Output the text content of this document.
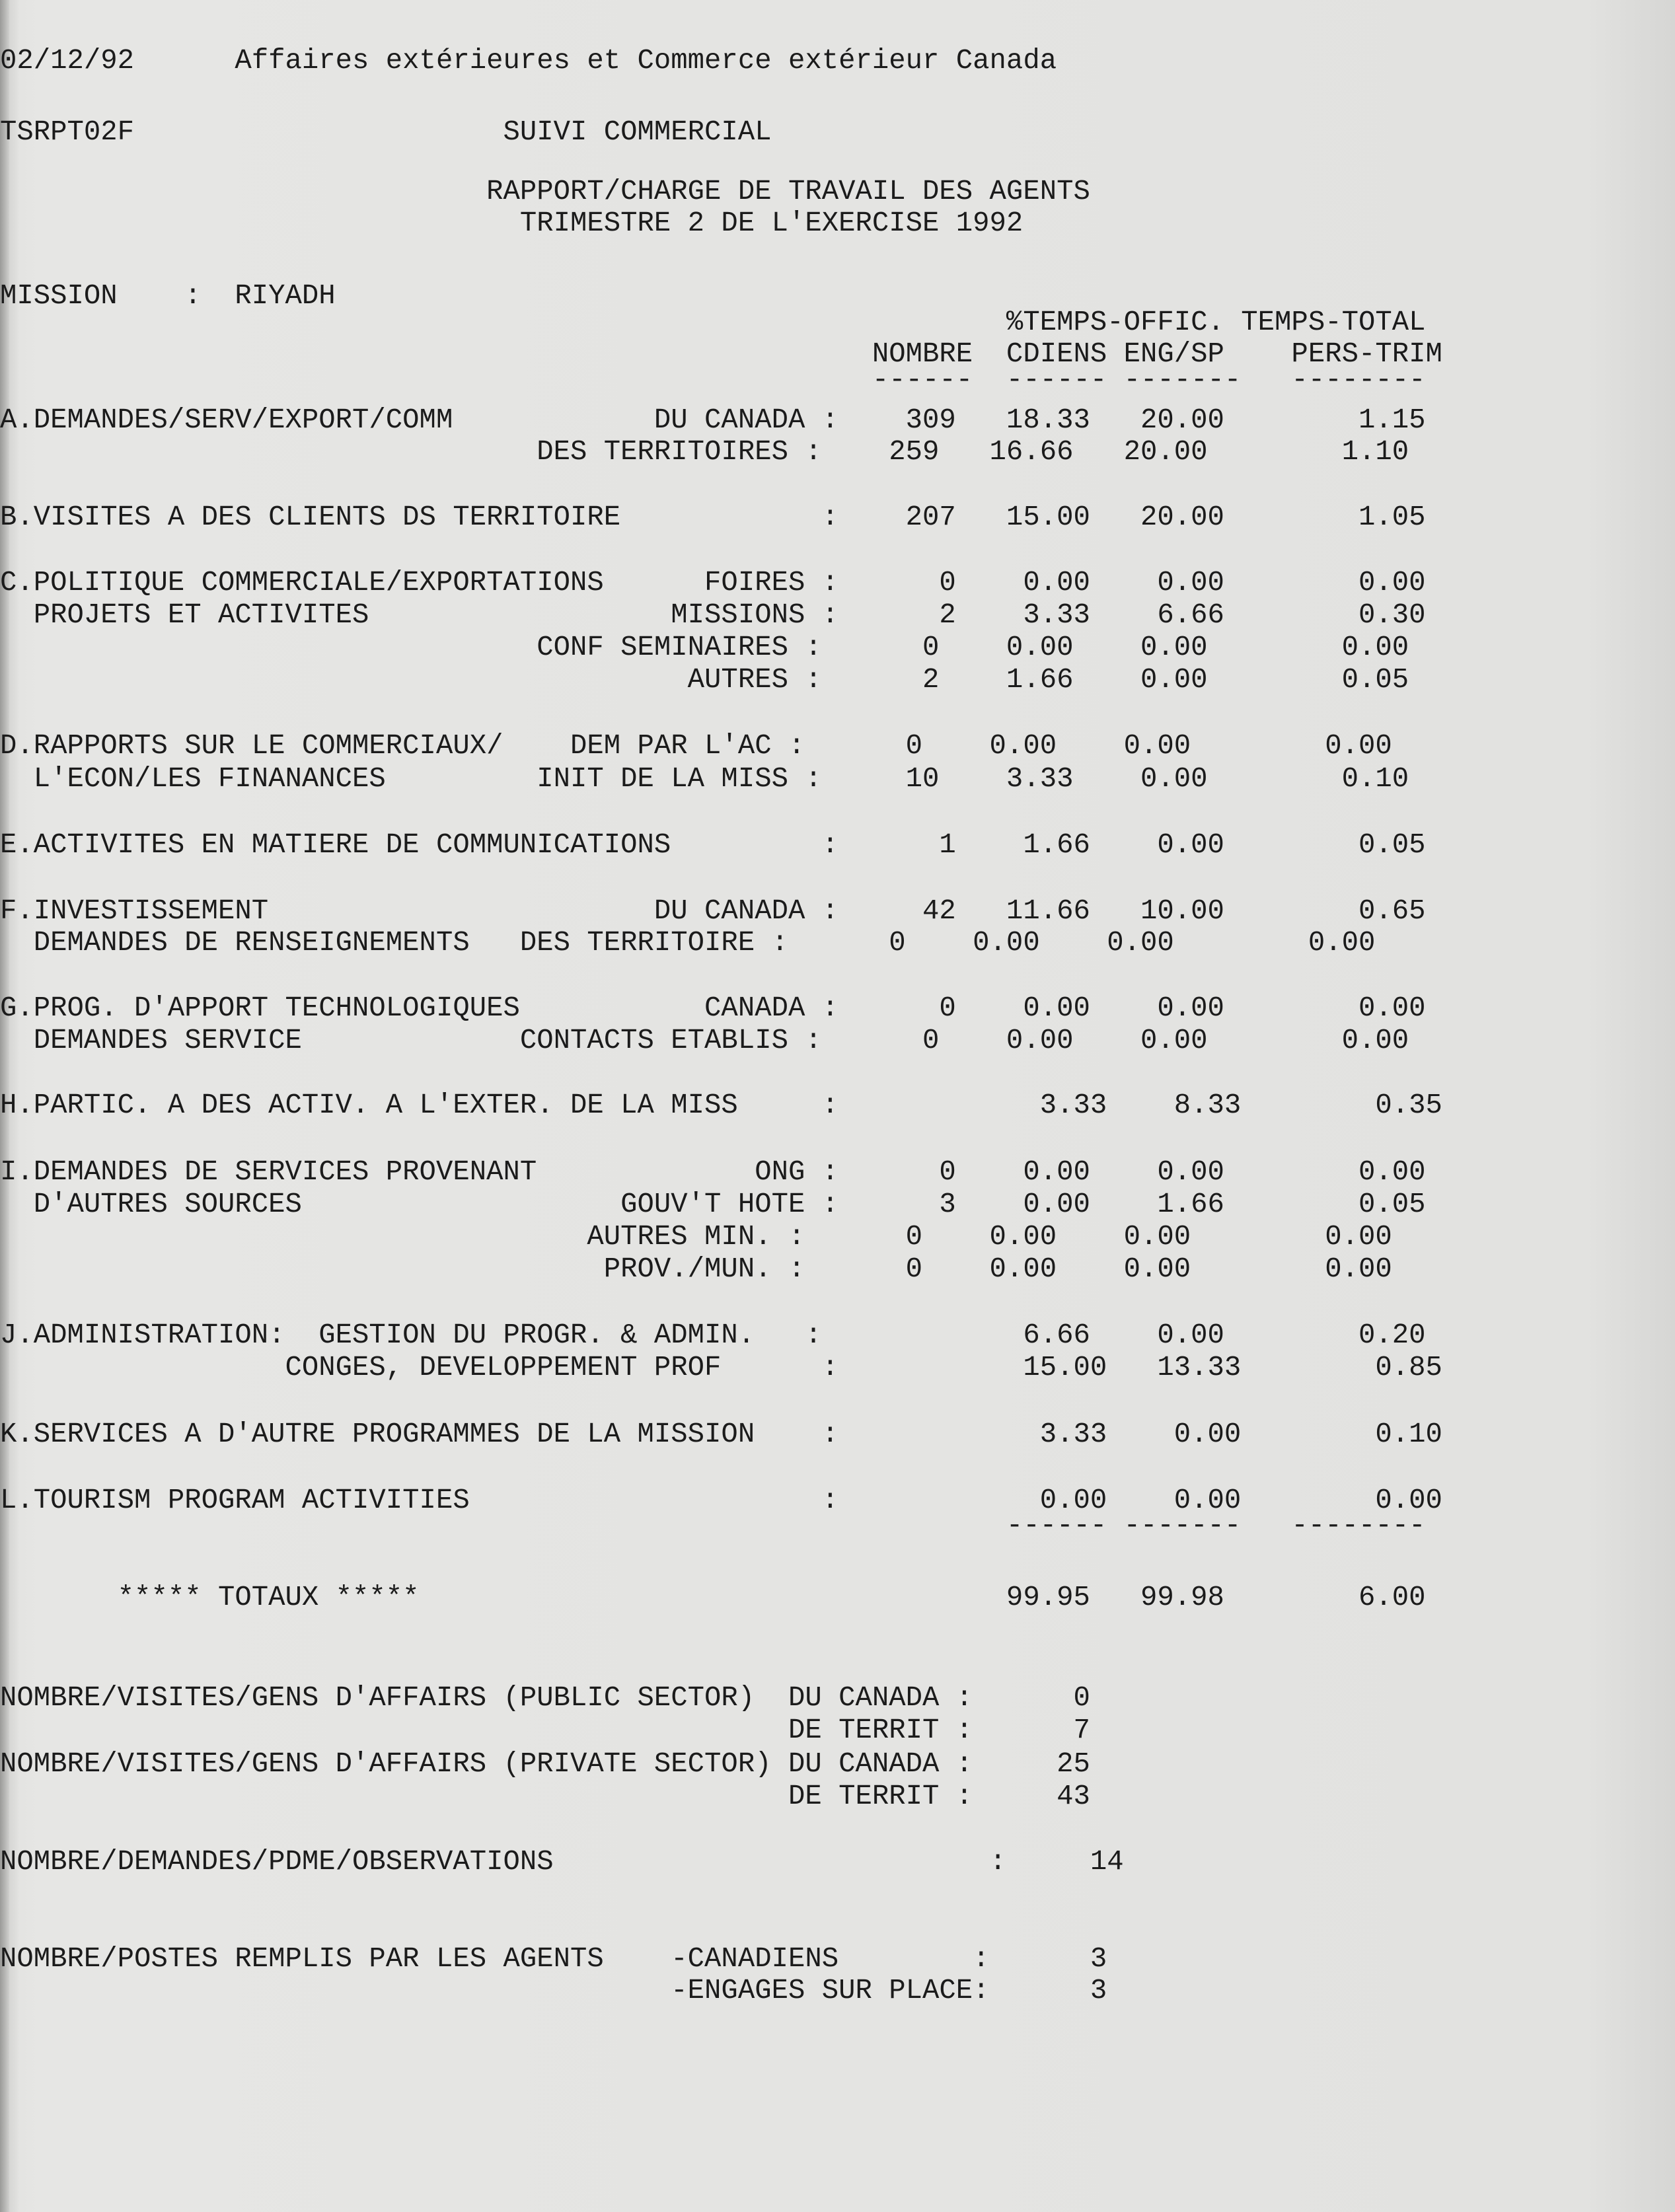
02/12/92      Affaires extérieures et Commerce extérieur Canada
TSRPT02F                      SUIVI COMMERCIAL
RAPPORT/CHARGE DE TRAVAIL DES AGENTS
TRIMESTRE 2 DE L'EXERCISE 1992
MISSION    :  RIYADH
%TEMPS-OFFIC. TEMPS-TOTAL
NOMBRE  CDIENS ENG/SP    PERS-TRIM
------  ------ -------   --------
A.DEMANDES/SERV/EXPORT/COMM            DU CANADA :    309   18.33   20.00        1.15
DES TERRITOIRES :    259   16.66   20.00        1.10
B.VISITES A DES CLIENTS DS TERRITOIRE            :    207   15.00   20.00        1.05
C.POLITIQUE COMMERCIALE/EXPORTATIONS      FOIRES :      0    0.00    0.00        0.00
PROJETS ET ACTIVITES                  MISSIONS :      2    3.33    6.66        0.30
CONF SEMINAIRES :      0    0.00    0.00        0.00
AUTRES :      2    1.66    0.00        0.05
D.RAPPORTS SUR LE COMMERCIAUX/    DEM PAR L'AC :      0    0.00    0.00        0.00
L'ECON/LES FINANANCES         INIT DE LA MISS :     10    3.33    0.00        0.10
E.ACTIVITES EN MATIERE DE COMMUNICATIONS         :      1    1.66    0.00        0.05
F.INVESTISSEMENT                       DU CANADA :     42   11.66   10.00        0.65
DEMANDES DE RENSEIGNEMENTS   DES TERRITOIRE :      0    0.00    0.00        0.00
G.PROG. D'APPORT TECHNOLOGIQUES           CANADA :      0    0.00    0.00        0.00
DEMANDES SERVICE             CONTACTS ETABLIS :      0    0.00    0.00        0.00
H.PARTIC. A DES ACTIV. A L'EXTER. DE LA MISS     :            3.33    8.33        0.35
I.DEMANDES DE SERVICES PROVENANT             ONG :      0    0.00    0.00        0.00
D'AUTRES SOURCES                   GOUV'T HOTE :      3    0.00    1.66        0.05
AUTRES MIN. :      0    0.00    0.00        0.00
PROV./MUN. :      0    0.00    0.00        0.00
J.ADMINISTRATION:  GESTION DU PROGR. & ADMIN.   :            6.66    0.00        0.20
CONGES, DEVELOPPEMENT PROF      :           15.00   13.33        0.85
K.SERVICES A D'AUTRE PROGRAMMES DE LA MISSION    :            3.33    0.00        0.10
L.TOURISM PROGRAM ACTIVITIES                     :            0.00    0.00        0.00
------ -------   --------
***** TOTAUX *****                                   99.95   99.98        6.00
NOMBRE/VISITES/GENS D'AFFAIRS (PUBLIC SECTOR)  DU CANADA :      0
DE TERRIT :      7
NOMBRE/VISITES/GENS D'AFFAIRS (PRIVATE SECTOR) DU CANADA :     25
DE TERRIT :     43
NOMBRE/DEMANDES/PDME/OBSERVATIONS                          :     14
NOMBRE/POSTES REMPLIS PAR LES AGENTS    -CANADIENS        :      3
-ENGAGES SUR PLACE:      3
